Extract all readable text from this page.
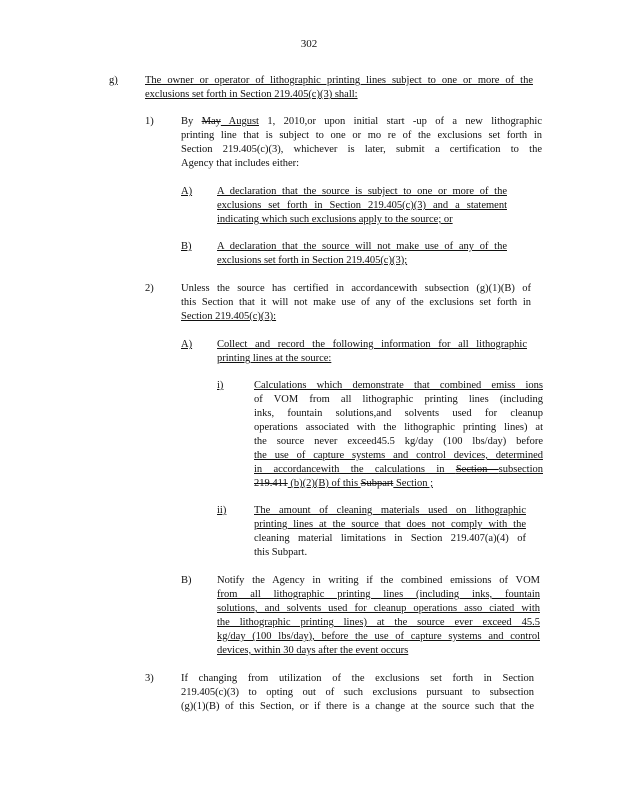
302
g)	The owner or operator of lithographic printing lines subject to one or more of the
exclusions set forth in Section 219.405(c)(3) shall:
1)	By May August 1, 2010,or upon initial start -up of a new lithographic
printing line that is subject to one or mo re of the exclusions set forth in
Section 219.405(c)(3), whichever is later, submit a certification to the
Agency that includes either:
A) A declaration that the source is subject to one or more of the
exclusions set forth in Section 219.405(c)(3) and a statement
indicating which such exclusions apply to the source; or
B) A declaration that the source will not make use of any of the
exclusions set forth in Section 219.405(c)(3);
2)	Unless the source has certified in accordancewith subsection (g)(1)(B) of
this Section that it will not make use of any of the exclusions set forth in
Section 219.405(c)(3):
A) Collect and record the following information for all lithographic
printing lines at the source:
i)	Calculations which demonstrate that combined emiss ions
of VOM from all lithographic printing lines (including
inks, fountain solutions,and solvents used for cleanup
operations associated with the lithographic printing lines) at
the source never exceed45.5 kg/day (100 lbs/day) before
the use of capture systems and control devices, determined
in accordancewith the calculations in Section subsection
219.411 (b)(2)(B) of this Subpart Section ;
ii)	The amount of cleaning materials used on lithographic
printing lines at the source that does not comply with the
cleaning material limitations in Section 219.407(a)(4) of
this Subpart.
B) Notify the Agency in writing if the combined emissions of VOM
from all lithographic printing lines (including inks, fountain
solutions, and solvents used for cleanup operations asso ciated with
the lithographic printing lines) at the source ever exceed 45.5
kg/day (100 lbs/day), before the use of capture systems and control
devices, within 30 days after the event occurs
3)	If changing from utilization of the exclusions set forth in Section
219.405(c)(3) to opting out of such exclusions pursuant to subsection
(g)(1)(B) of this Section, or if there is a change at the source such that the
